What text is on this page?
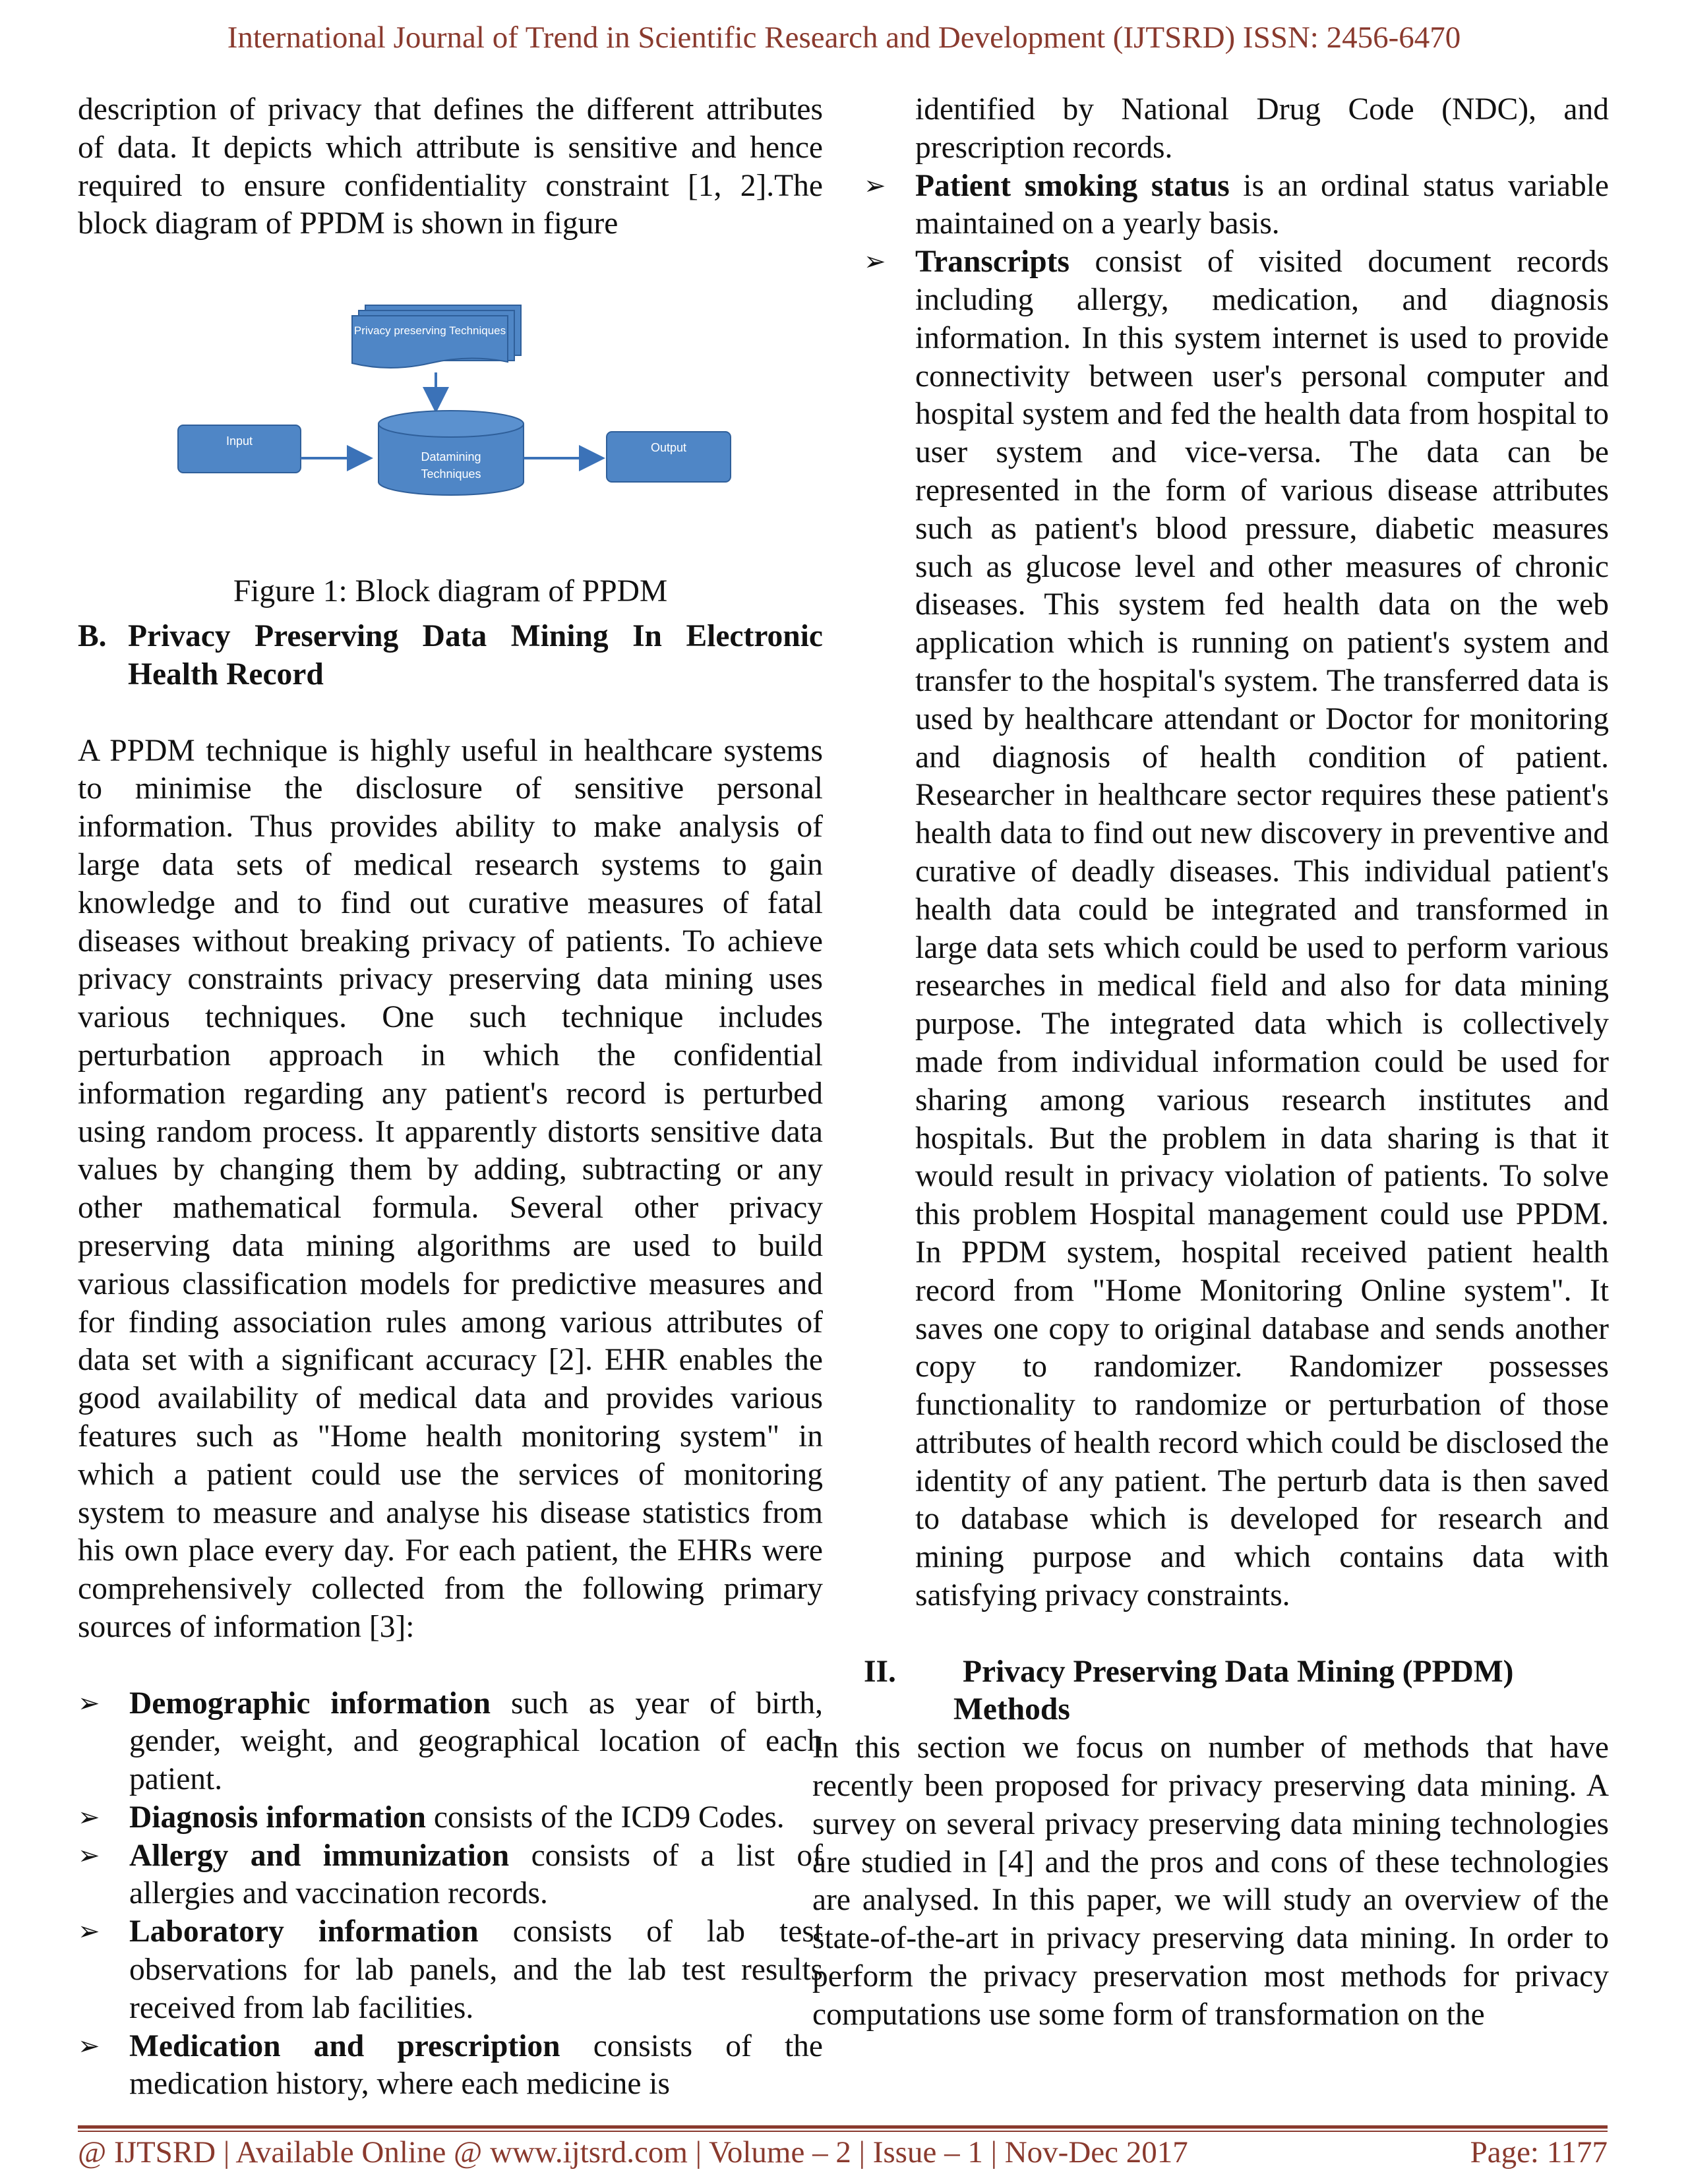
International Journal of Trend in Scientific Research and Development (IJTSRD) ISSN: 2456-6470

description of privacy that defines the different attributes of data. It depicts which attribute is sensitive and hence required to ensure confidentiality constraint [1, 2].The block diagram of PPDM is shown in figure

Privacy preserving Techniques
Input
Datamining
Techniques
Output
Figure 1: Block diagram of PPDM
B. Privacy Preserving Data Mining In Electronic Health Record

A PPDM technique is highly useful in healthcare systems to minimise the disclosure of sensitive personal information. Thus provides ability to make analysis of large data sets of medical research systems to gain knowledge and to find out curative measures of fatal diseases without breaking privacy of patients. To achieve privacy constraints privacy preserving data mining uses various techniques. One such technique includes perturbation approach in which the confidential information regarding any patient's record is perturbed using random process. It apparently distorts sensitive data values by changing them by adding, subtracting or any other mathematical formula. Several other privacy preserving data mining algorithms are used to build various classification models for predictive measures and for finding association rules among various attributes of data set with a significant accuracy [2]. EHR enables the good availability of medical data and provides various features such as "Home health monitoring system" in which a patient could use the services of monitoring system to measure and analyse his disease statistics from his own place every day. For each patient, the EHRs were comprehensively collected from the following primary sources of information [3]:

➢ Demographic information such as year of birth, gender, weight, and geographical location of each patient.
➢ Diagnosis information consists of the ICD9 Codes.
➢ Allergy and immunization consists of a list of allergies and vaccination records.
➢ Laboratory information consists of lab test observations for lab panels, and the lab test results received from lab facilities.
➢ Medication and prescription consists of the medication history, where each medicine is

identified by National Drug Code (NDC), and prescription records.

➢ Patient smoking status is an ordinal status variable maintained on a yearly basis.
➢ Transcripts consist of visited document records including allergy, medication, and diagnosis information. In this system internet is used to provide connectivity between user's personal computer and hospital system and fed the health data from hospital to user system and vice-versa. The data can be represented in the form of various disease attributes such as patient's blood pressure, diabetic measures such as glucose level and other measures of chronic diseases. This system fed health data on the web application which is running on patient's system and transfer to the hospital's system. The transferred data is used by healthcare attendant or Doctor for monitoring and diagnosis of health condition of patient. Researcher in healthcare sector requires these patient's health data to find out new discovery in preventive and curative of deadly diseases. This individual patient's health data could be integrated and transformed in large data sets which could be used to perform various researches in medical field and also for data mining purpose. The integrated data which is collectively made from individual information could be used for sharing among various research institutes and hospitals. But the problem in data sharing is that it would result in privacy violation of patients. To solve this problem Hospital management could use PPDM. In PPDM system, hospital received patient health record from "Home Monitoring Online system". It saves one copy to original database and sends another copy to randomizer. Randomizer possesses functionality to randomize or perturbation of those attributes of health record which could be disclosed the identity of any patient. The perturb data is then saved to database which is developed for research and mining purpose and which contains data with satisfying privacy constraints.
II.	Privacy Preserving Data Mining (PPDM)
Methods

In this section we focus on number of methods that have recently been proposed for privacy preserving data mining. A survey on several privacy preserving data mining technologies are studied in [4] and the pros and cons of these technologies are analysed. In this paper, we will study an overview of the state-of-the-art in privacy preserving data mining. In order to perform the privacy preservation most methods for privacy computations use some form of transformation on the

@ IJTSRD | Available Online @ www.ijtsrd.com | Volume – 2 | Issue – 1 | Nov-Dec 2017	Page: 1177
